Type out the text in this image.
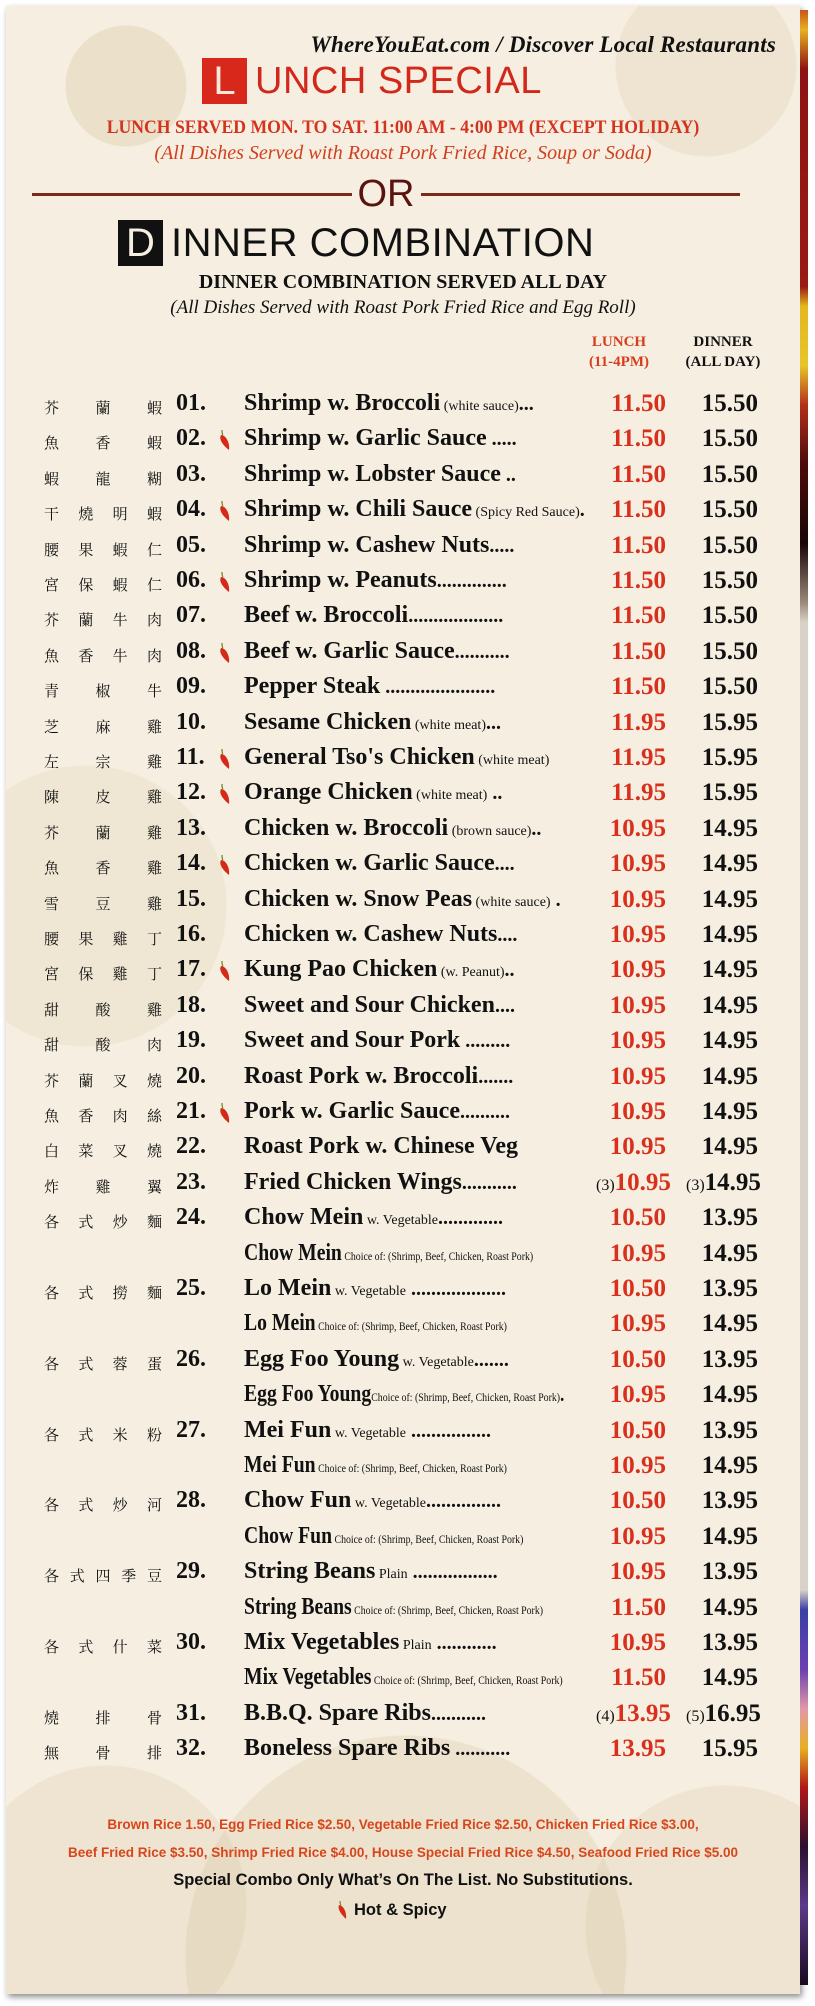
WhereYouEat.com / Discover Local Restaurants
L UNCH SPECIAL
LUNCH SERVED MON. TO SAT. 11:00 AM - 4:00 PM (EXCEPT HOLIDAY)
(All Dishes Served with Roast Pork Fried Rice, Soup or Soda)
OR
D INNER COMBINATION
DINNER COMBINATION SERVED ALL DAY
(All Dishes Served with Roast Pork Fried Rice and Egg Roll)
LUNCH
(11-4PM)
DINNER
(ALL DAY)
芥 蘭 蝦 01. Shrimp w. Broccoli (white sauce)...	11.50	15.50
魚 香 蝦 02. Shrimp w. Garlic Sauce .....	11.50	15.50
蝦 龍 糊 03. Shrimp w. Lobster Sauce ..	11.50	15.50
干 燒 明 蝦 04. Shrimp w. Chili Sauce (Spicy Red Sauce).	11.50	15.50
腰 果 蝦 仁 05. Shrimp w. Cashew Nuts.....	11.50	15.50
宮 保 蝦 仁 06. Shrimp w. Peanuts..............	11.50	15.50
芥 蘭 牛 肉 07. Beef w. Broccoli...................	11.50	15.50
魚 香 牛 肉 08. Beef w. Garlic Sauce...........	11.50	15.50
青 椒 牛 09. Pepper Steak ......................	11.50	15.50
芝 麻 雞 10. Sesame Chicken (white meat)...	11.95	15.95
左 宗 雞 11. General Tso's Chicken (white meat)	11.95	15.95
陳 皮 雞 12. Orange Chicken (white meat) ..	11.95	15.95
芥 蘭 雞 13. Chicken w. Broccoli (brown sauce)..	10.95	14.95
魚 香 雞 14. Chicken w. Garlic Sauce....	10.95	14.95
雪 豆 雞 15. Chicken w. Snow Peas (white sauce) .	10.95	14.95
腰 果 雞 丁 16. Chicken w. Cashew Nuts....	10.95	14.95
宮 保 雞 丁 17. Kung Pao Chicken (w. Peanut)..	10.95	14.95
甜 酸 雞 18. Sweet and Sour Chicken....	10.95	14.95
甜 酸 肉 19. Sweet and Sour Pork .........	10.95	14.95
芥 蘭 叉 燒 20. Roast Pork w. Broccoli.......	10.95	14.95
魚 香 肉 絲 21. Pork w. Garlic Sauce..........	10.95	14.95
白 菜 叉 燒 22. Roast Pork w. Chinese Veg	10.95	14.95
炸 雞 翼 23. Fried Chicken Wings...........	(3)10.95 (3)14.95
各 式 炒 麵 24. Chow Mein w. Vegetable.............	10.50	13.95
Chow Mein Choice of: (Shrimp, Beef, Chicken, Roast Pork)	10.95	14.95
各 式 撈 麵 25. Lo Mein w. Vegetable ...................	10.50	13.95
Lo Mein Choice of: (Shrimp, Beef, Chicken, Roast Pork)	10.95	14.95
各 式 蓉 蛋 26. Egg Foo Young w. Vegetable.......	10.50	13.95
Egg Foo YoungChoice of: (Shrimp, Beef, Chicken, Roast Pork).	10.95	14.95
各 式 米 粉 27. Mei Fun w. Vegetable ................	10.50	13.95
Mei Fun Choice of: (Shrimp, Beef, Chicken, Roast Pork)	10.95	14.95
各 式 炒 河 28. Chow Fun w. Vegetable...............	10.50	13.95
Chow Fun Choice of: (Shrimp, Beef, Chicken, Roast Pork)	10.95	14.95
各 式 四 季 豆 29. String Beans Plain .................	10.95	13.95
String Beans Choice of: (Shrimp, Beef, Chicken, Roast Pork)	11.50	14.95
各 式 什 菜 30. Mix Vegetables Plain ............	10.95	13.95
Mix Vegetables Choice of: (Shrimp, Beef, Chicken, Roast Pork)	11.50	14.95
燒 排 骨 31. B.B.Q. Spare Ribs...........	(4)13.95 (5)16.95
無 骨 排 32. Boneless Spare Ribs ...........	13.95	15.95
Brown Rice 1.50, Egg Fried Rice $2.50, Vegetable Fried Rice $2.50, Chicken Fried Rice $3.00,
Beef Fried Rice $3.50, Shrimp Fried Rice $4.00, House Special Fried Rice $4.50, Seafood Fried Rice $5.00
Special Combo Only What’s On The List. No Substitutions.
Hot & Spicy
